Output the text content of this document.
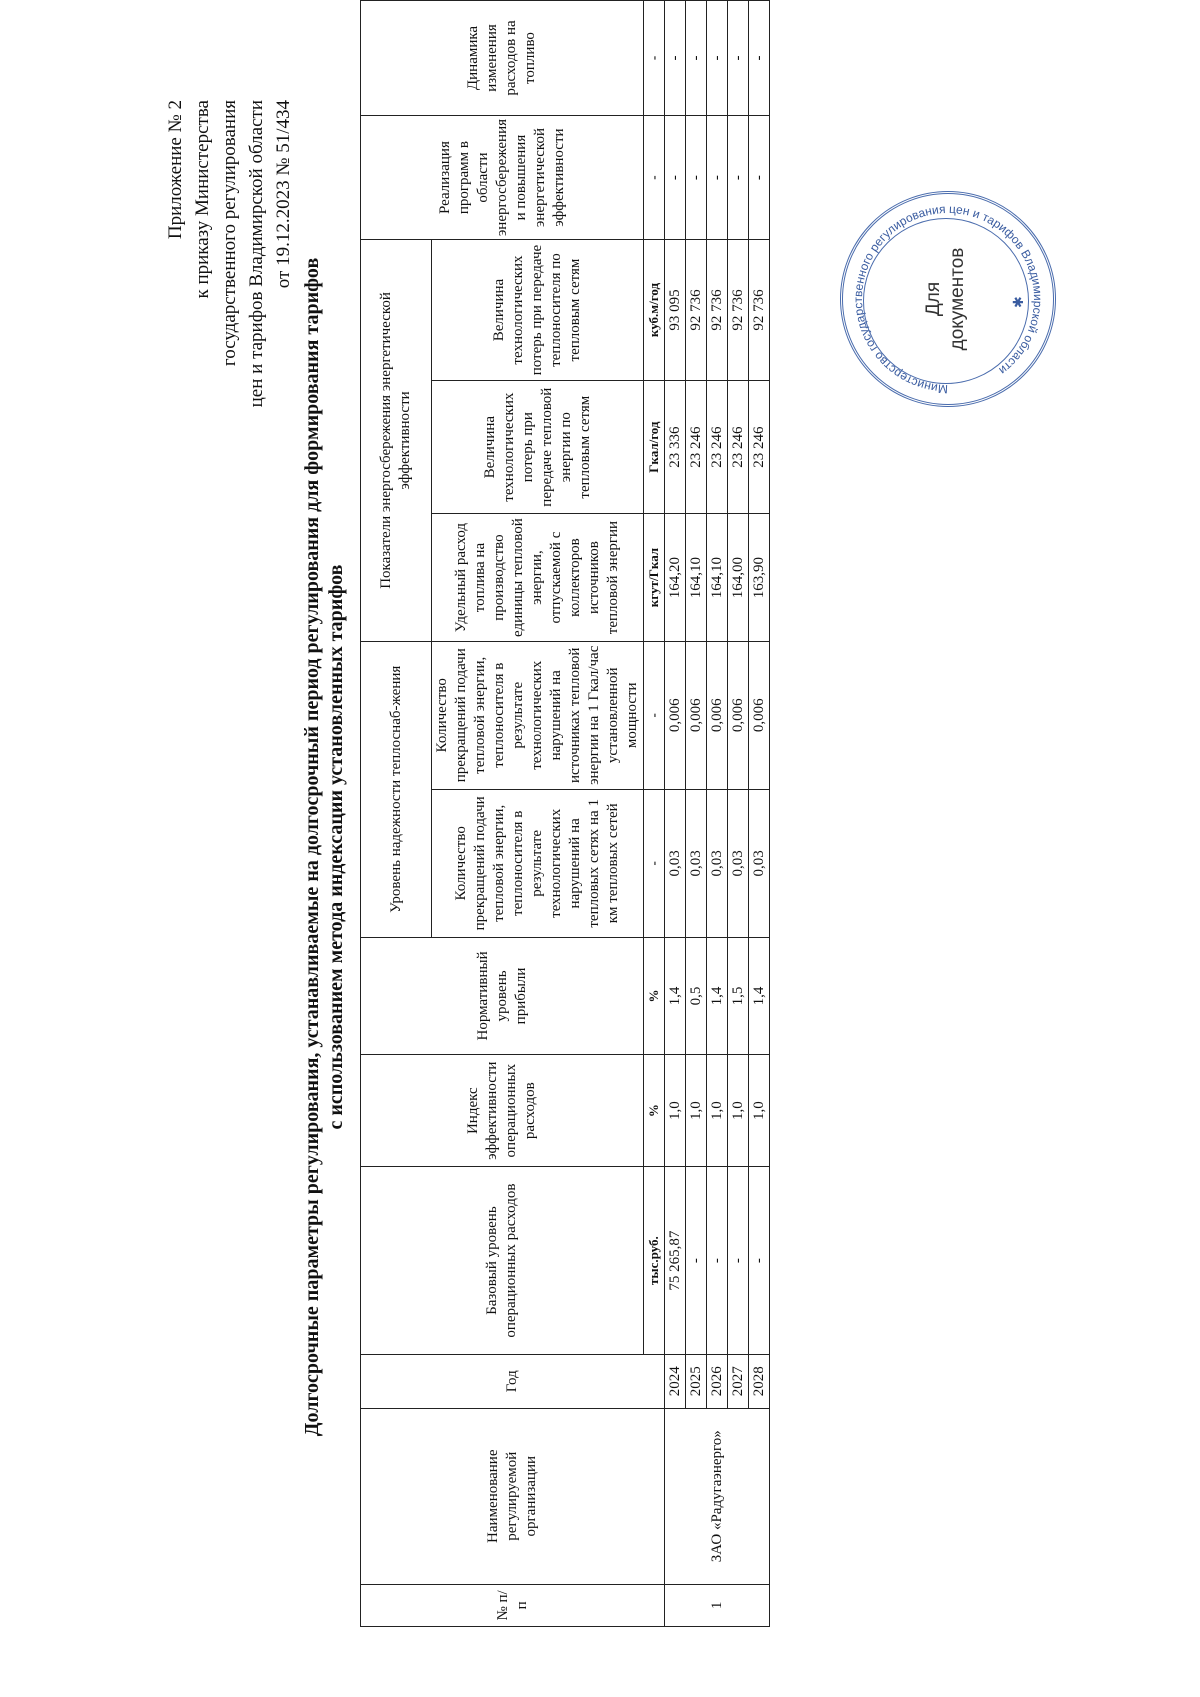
Приложение № 2 к приказу Министерства государственного регулирования цен и тарифов Владимирской области от 19.12.2023 № 51/434
Долгосрочные параметры регулирования, устанавливаемые на долгосрочный период регулирования для формирования тарифов с использованием метода индексации установленных тарифов
№ п/п	Наименование регулируемой организации	Год	Базовый уровень операционных расходов	Индекс эффективности операционных расходов	Нормативный уровень прибыли	Уровень надежности теплоснаб-жения		Показатели энергосбережения энергетической эффективности			Реализация программ в области энергосбережения и повышения энергетической эффективности	Динамика изменения расходов на топливо
						Количество прекращений подачи тепловой энергии, теплоносителя в результате технологических нарушений на тепловых сетях на 1 км тепловых сетей	Количество прекращений подачи тепловой энергии, теплоносителя в результате технологических нарушений на источниках тепловой энергии на 1 Гкал/час установленной мощности	Удельный расход топлива на производство единицы тепловой энергии, отпускаемой с коллекторов источников тепловой энергии	Величина технологических потерь при передаче тепловой энергии по тепловым сетям	Величина технологических потерь при передаче теплоносителя по тепловым сетям		
			тыс.руб.	%	%	-	-	кгут/Гкал	Гкал/год	куб.м/год	-	-
1	ЗАО «Радугаэнерго»	2024	75 265,87	1,0	1,4	0,03	0,006	164,20	23 336	93 095	-	-
		2025	-	1,0	0,5	0,03	0,006	164,10	23 246	92 736	-	-
		2026	-	1,0	1,4	0,03	0,006	164,10	23 246	92 736	-	-
		2027	-	1,0	1,5	0,03	0,006	164,00	23 246	92 736	-	-
		2028	-	1,0	1,4	0,03	0,006	163,90	23 246	92 736	-	-
Министерство государственного регулирования цен и тарифов Владимирской области
Для документов	✱
